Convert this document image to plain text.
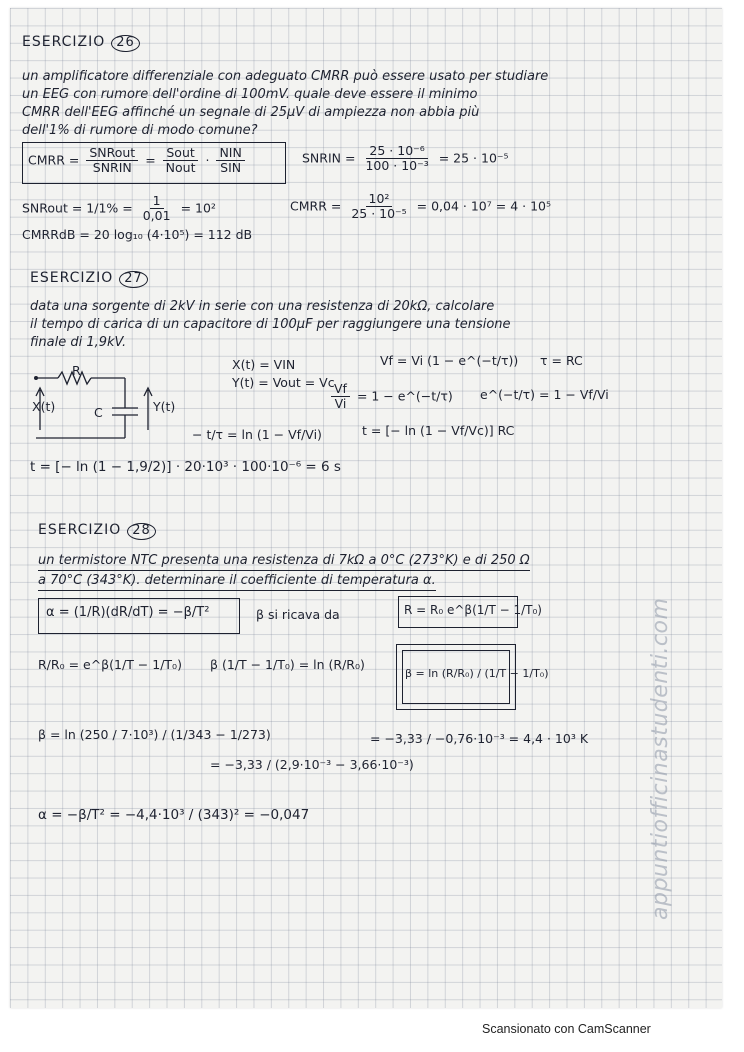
ESERCIZIO 26
un amplificatore differenziale con adeguato CMRR può essere usato per studiare
un EEG con rumore dell'ordine di 100mV. quale deve essere il minimo
CMRR dell'EEG affinché un segnale di 25µV di ampiezza non abbia più
dell'1% di rumore di modo comune?
CMRR = $\frac{\text{SNRout}}{\text{SNRIN}} = \frac{\text{Sout}}{\text{Nout}} \cdot \frac{\text{NIN}}{\text{SIN}}$	SNRIN = $\frac{\text{25 · 10⁻⁶}}{\text{100 · 10⁻³}} = 25 \cdot 10^{-5}$
SNRout = $1/1\% = \frac{1}{0,01} = 10^2$	CMRR = $\frac{\text{10²}}{\text{25 · 10⁻⁵}} = 0,04 \cdot 10^7 = 4 \cdot 10^5$
CMRRdB = 20 log₁₀ (4·10⁵) = 112 dB
ESERCIZIO 27
data una sorgente di 2kV in serie con una resistenza di 20kΩ, calcolare
il tempo di carica di un capacitore di 100µF per raggiungere una tensione
finale di 1,9kV.
R
C
X(t)	Y(t)
X(t) = VIN
Y(t) = Vout = Vc
Vf = Vi (1 − e^(−t/τ)) τ = RC
$\frac{Vf}{Vi} = 1$ − e^(−t/τ) e^(−t/τ) = 1 − Vf/Vi
− t/τ = ln (1 − Vf/Vi)	t = [− ln (1 − Vf/Vc)] RC
t = [− ln (1 − 1,9/2)] · 20·10³ · 100·10⁻⁶ = 6 s
ESERCIZIO 28
un termistore NTC presenta una resistenza di 7kΩ a 0°C (273°K) e di 250 Ω
a 70°C (343°K). determinare il coefficiente di temperatura α.
α = (1/R)(dR/dT) = −β/T²	β si ricava da	R = R₀ e^β(1/T − 1/T₀)
R/R₀ = e^β(1/T − 1/T₀) β (1/T − 1/T₀) = ln (R/R₀)
β = ln (R/R₀) / (1/T − 1/T₀)
β = ln (250 / 7·10³) / (1/343 − 1/273)
= −3,33 / (2,9·10⁻³ − 3,66·10⁻³)
= −3,33 / −0,76·10⁻³ = 4,4 · 10³ K
α = −β/T² = −4,4·10³ / (343)² = −0,047	appuntiofficinastudenti.com
Scansionato con CamScanner
